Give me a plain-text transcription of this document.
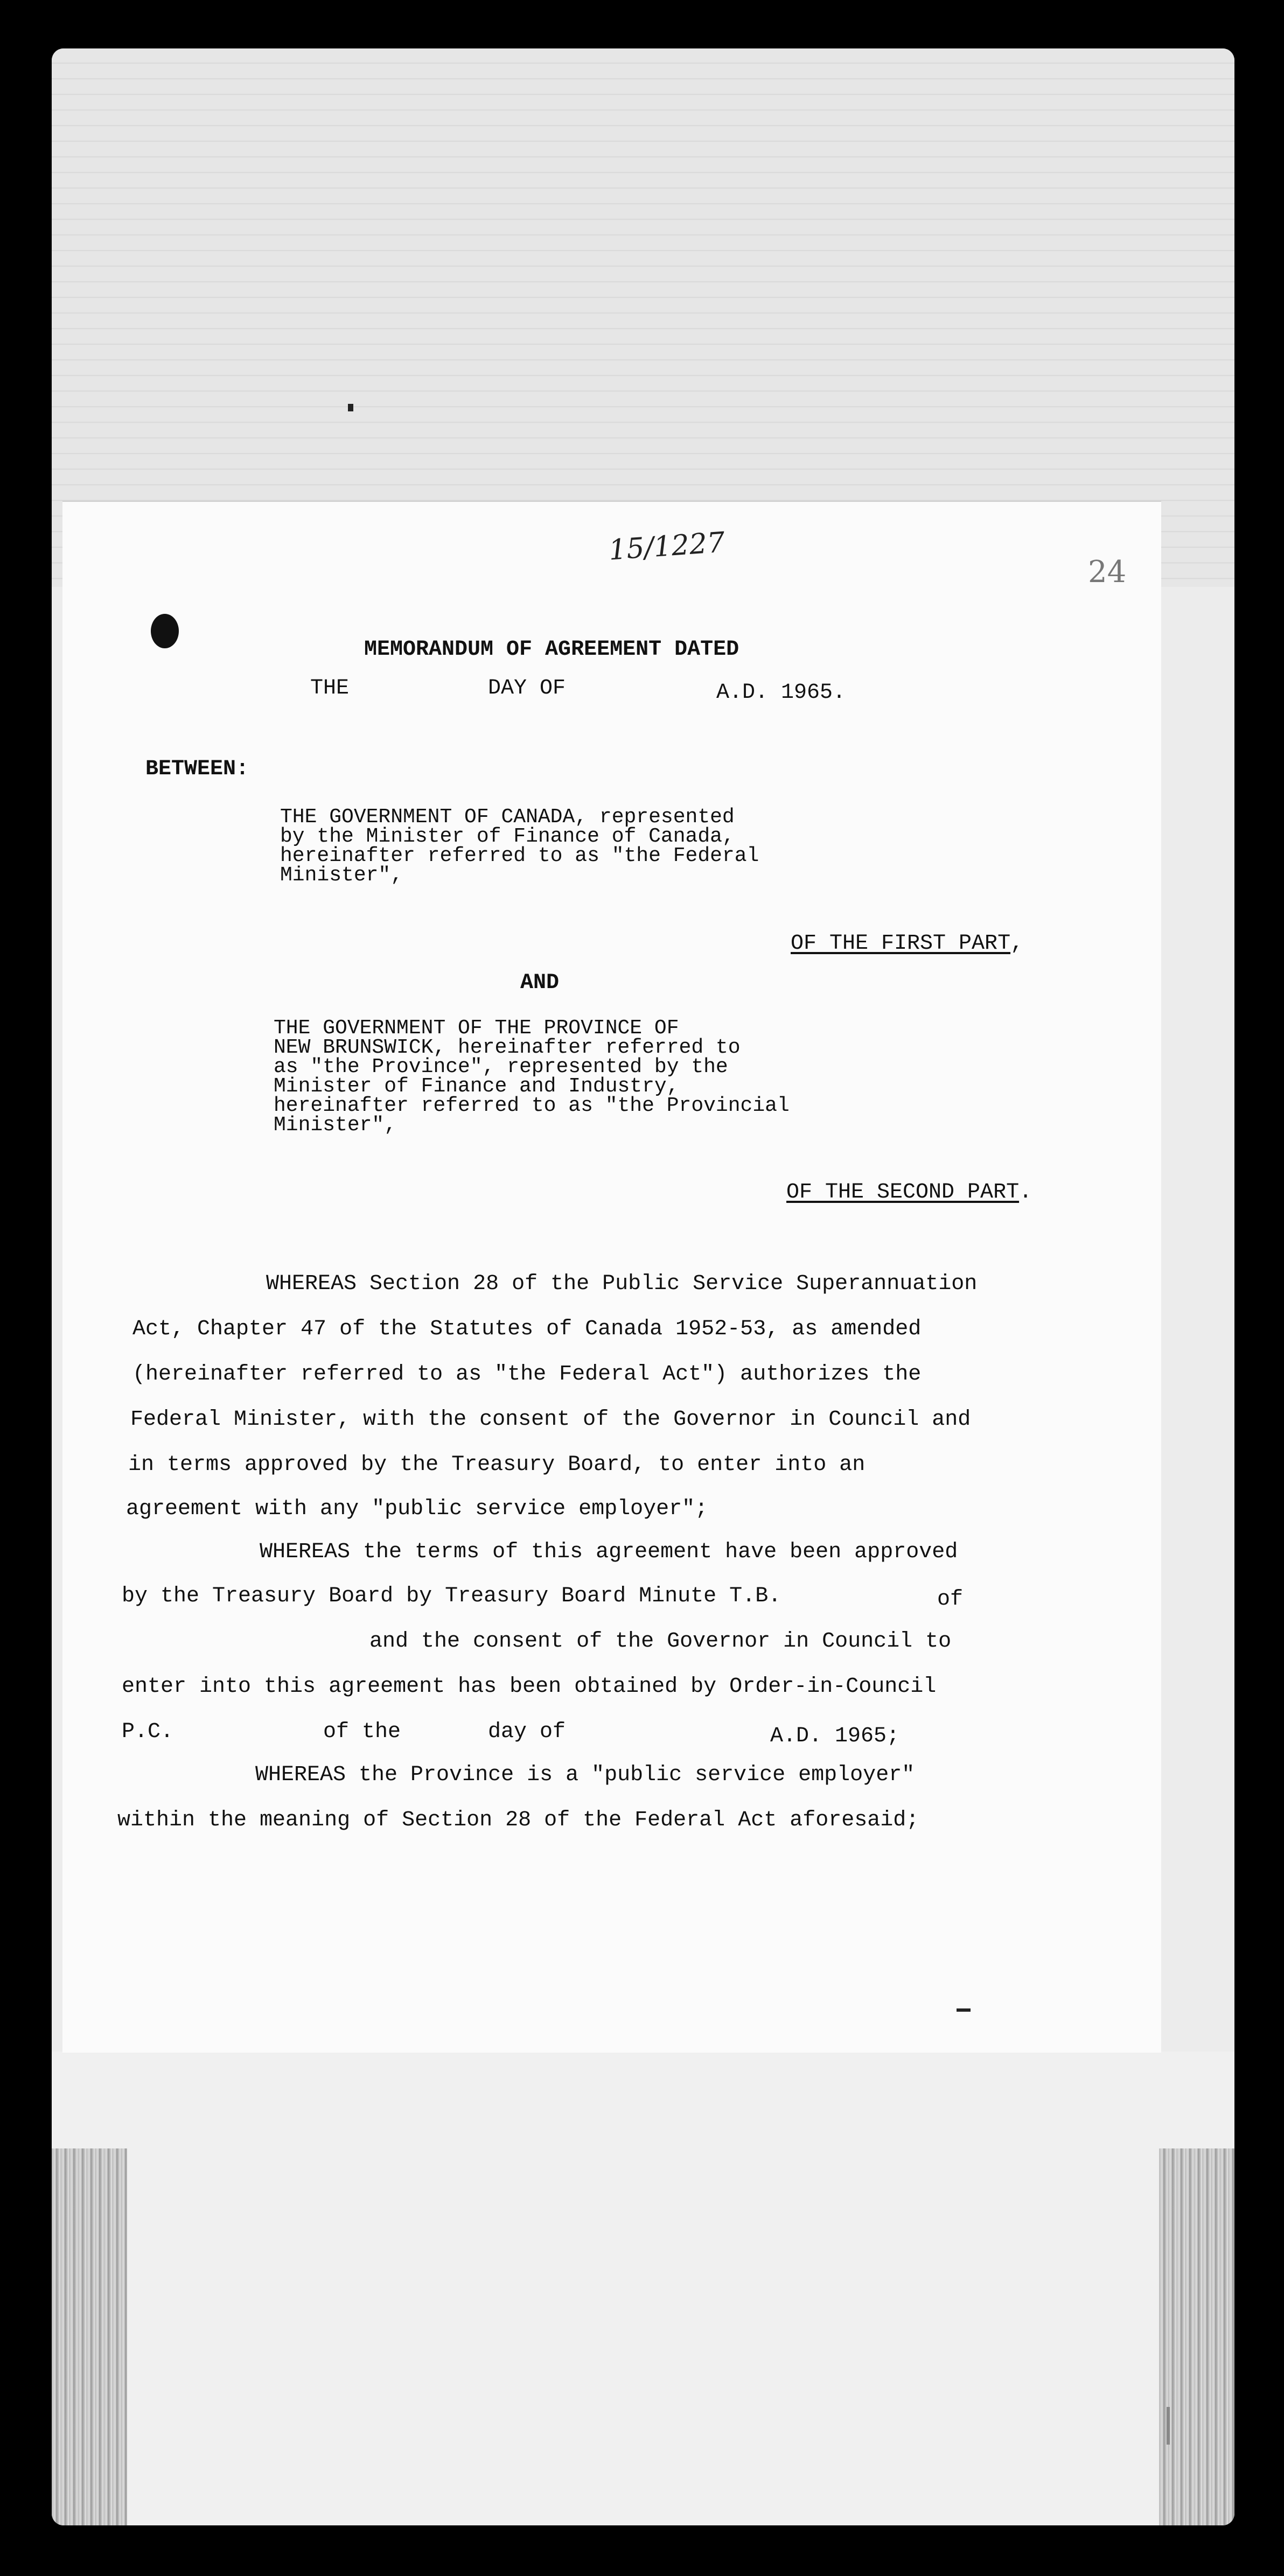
15/1227
24
MEMORANDUM OF AGREEMENT DATED
THE	DAY OF	A.D. 1965.
BETWEEN:
THE GOVERNMENT OF CANADA, represented
by the Minister of Finance of Canada,
hereinafter referred to as "the Federal
Minister",
OF THE FIRST PART,
AND
THE GOVERNMENT OF THE PROVINCE OF
NEW BRUNSWICK, hereinafter referred to
as "the Province", represented by the
Minister of Finance and Industry,
hereinafter referred to as "the Provincial
Minister",
OF THE SECOND PART.
WHEREAS Section 28 of the Public Service Superannuation
Act, Chapter 47 of the Statutes of Canada 1952-53, as amended
(hereinafter referred to as "the Federal Act") authorizes the
Federal Minister, with the consent of the Governor in Council and
in terms approved by the Treasury Board, to enter into an
agreement with any "public service employer";
WHEREAS the terms of this agreement have been approved
by the Treasury Board by Treasury Board Minute T.B.	of
and the consent of the Governor in Council to
enter into this agreement has been obtained by Order-in-Council
P.C.	of the	day of	A.D. 1965;
WHEREAS the Province is a "public service employer"
within the meaning of Section 28 of the Federal Act aforesaid;
